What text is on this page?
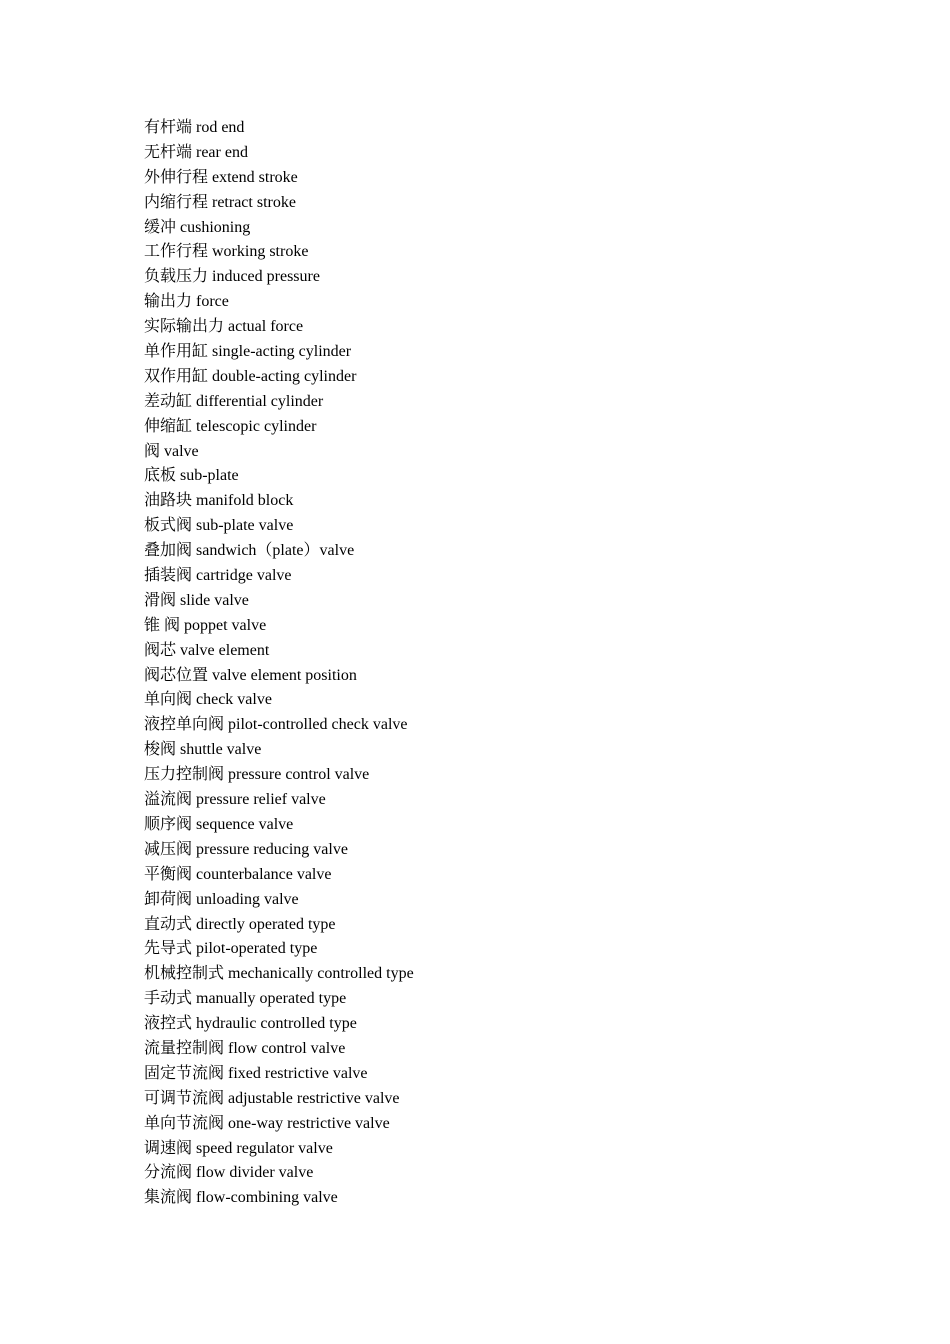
有杆端 rod end
无杆端 rear end
外伸行程 extend stroke
内缩行程 retract stroke
缓冲 cushioning
工作行程 working stroke
负载压力 induced pressure
输出力 force
实际输出力 actual force
单作用缸 single-acting cylinder
双作用缸 double-acting cylinder
差动缸 differential cylinder
伸缩缸 telescopic cylinder
阀 valve
底板 sub-plate
油路块 manifold block
板式阀 sub-plate valve
叠加阀 sandwich（plate）valve
插装阀 cartridge valve
滑阀 slide valve
锥 阀 poppet valve
阀芯 valve element
阀芯位置 valve element position
单向阀 check valve
液控单向阀 pilot-controlled check valve
梭阀 shuttle valve
压力控制阀 pressure control valve
溢流阀 pressure relief valve
顺序阀 sequence valve
减压阀 pressure reducing valve
平衡阀 counterbalance valve
卸荷阀 unloading valve
直动式 directly operated type
先导式 pilot-operated type
机械控制式 mechanically controlled type
手动式 manually operated type
液控式 hydraulic controlled type
流量控制阀 flow control valve
固定节流阀 fixed restrictive valve
可调节流阀 adjustable restrictive valve
单向节流阀 one-way restrictive valve
调速阀 speed regulator valve
分流阀 flow divider valve
集流阀 flow-combining valve
